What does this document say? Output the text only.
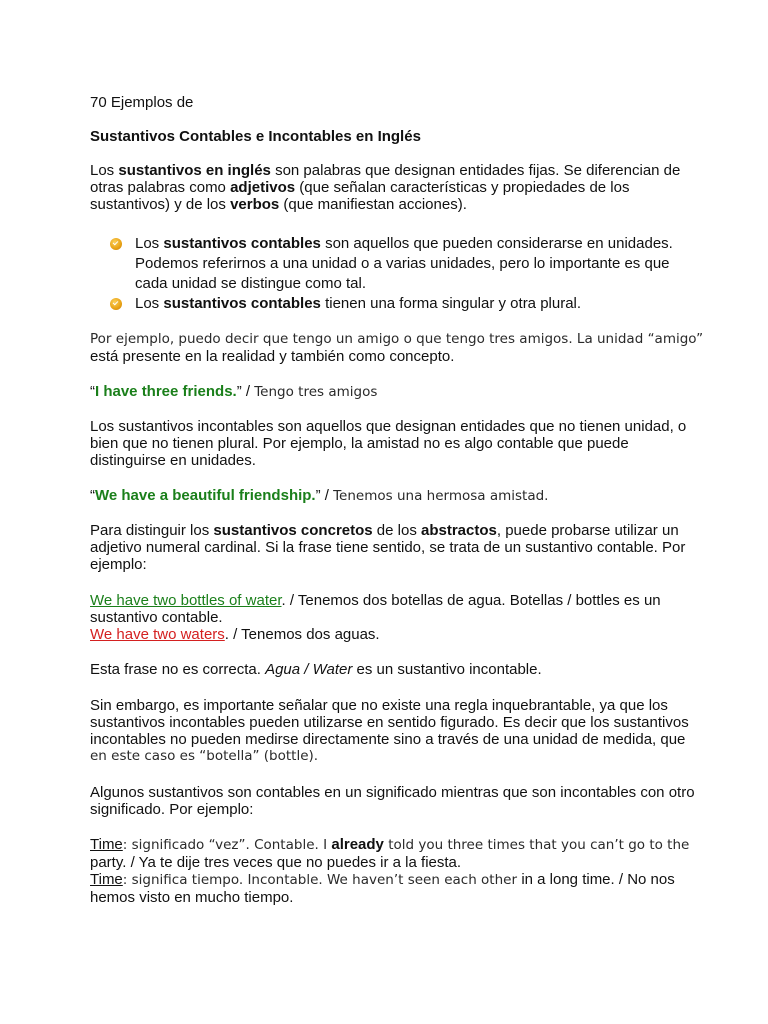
70 Ejemplos de

Sustantivos Contables e Incontables en Inglés

Los sustantivos en inglés son palabras que designan entidades fijas. Se diferencian de
otras palabras como adjetivos (que señalan características y propiedades de los
sustantivos) y de los verbos (que manifiestan acciones).

Los sustantivos contables son aquellos que pueden considerarse en unidades.
Podemos referirnos a una unidad o a varias unidades, pero lo importante es que
cada unidad se distingue como tal.
Los sustantivos contables tienen una forma singular y otra plural.

Por ejemplo, puedo decir que tengo un amigo o que tengo tres amigos. La unidad “amigo”
está presente en la realidad y también como concepto.

“I have three friends.” / Tengo tres amigos

Los sustantivos incontables son aquellos que designan entidades que no tienen unidad, o
bien que no tienen plural. Por ejemplo, la amistad no es algo contable que puede
distinguirse en unidades.

“We have a beautiful friendship.” / Tenemos una hermosa amistad.

Para distinguir los sustantivos concretos de los abstractos, puede probarse utilizar un
adjetivo numeral cardinal. Si la frase tiene sentido, se trata de un sustantivo contable. Por
ejemplo:

We have two bottles of water. / Tenemos dos botellas de agua. Botellas / bottles es un
sustantivo contable.

We have two waters. / Tenemos dos aguas.

Esta frase no es correcta. Agua / Water es un sustantivo incontable.

Sin embargo, es importante señalar que no existe una regla inquebrantable, ya que los
sustantivos incontables pueden utilizarse en sentido figurado. Es decir que los sustantivos
incontables no pueden medirse directamente sino a través de una unidad de medida, que
en este caso es “botella” (bottle).

Algunos sustantivos son contables en un significado mientras que son incontables con otro
significado. Por ejemplo:

Time: significado “vez”. Contable. I already told you three times that you can’t go to the
party. / Ya te dije tres veces que no puedes ir a la fiesta.

Time: significa tiempo. Incontable. We haven’t seen each other in a long time. / No nos
hemos visto en mucho tiempo.
